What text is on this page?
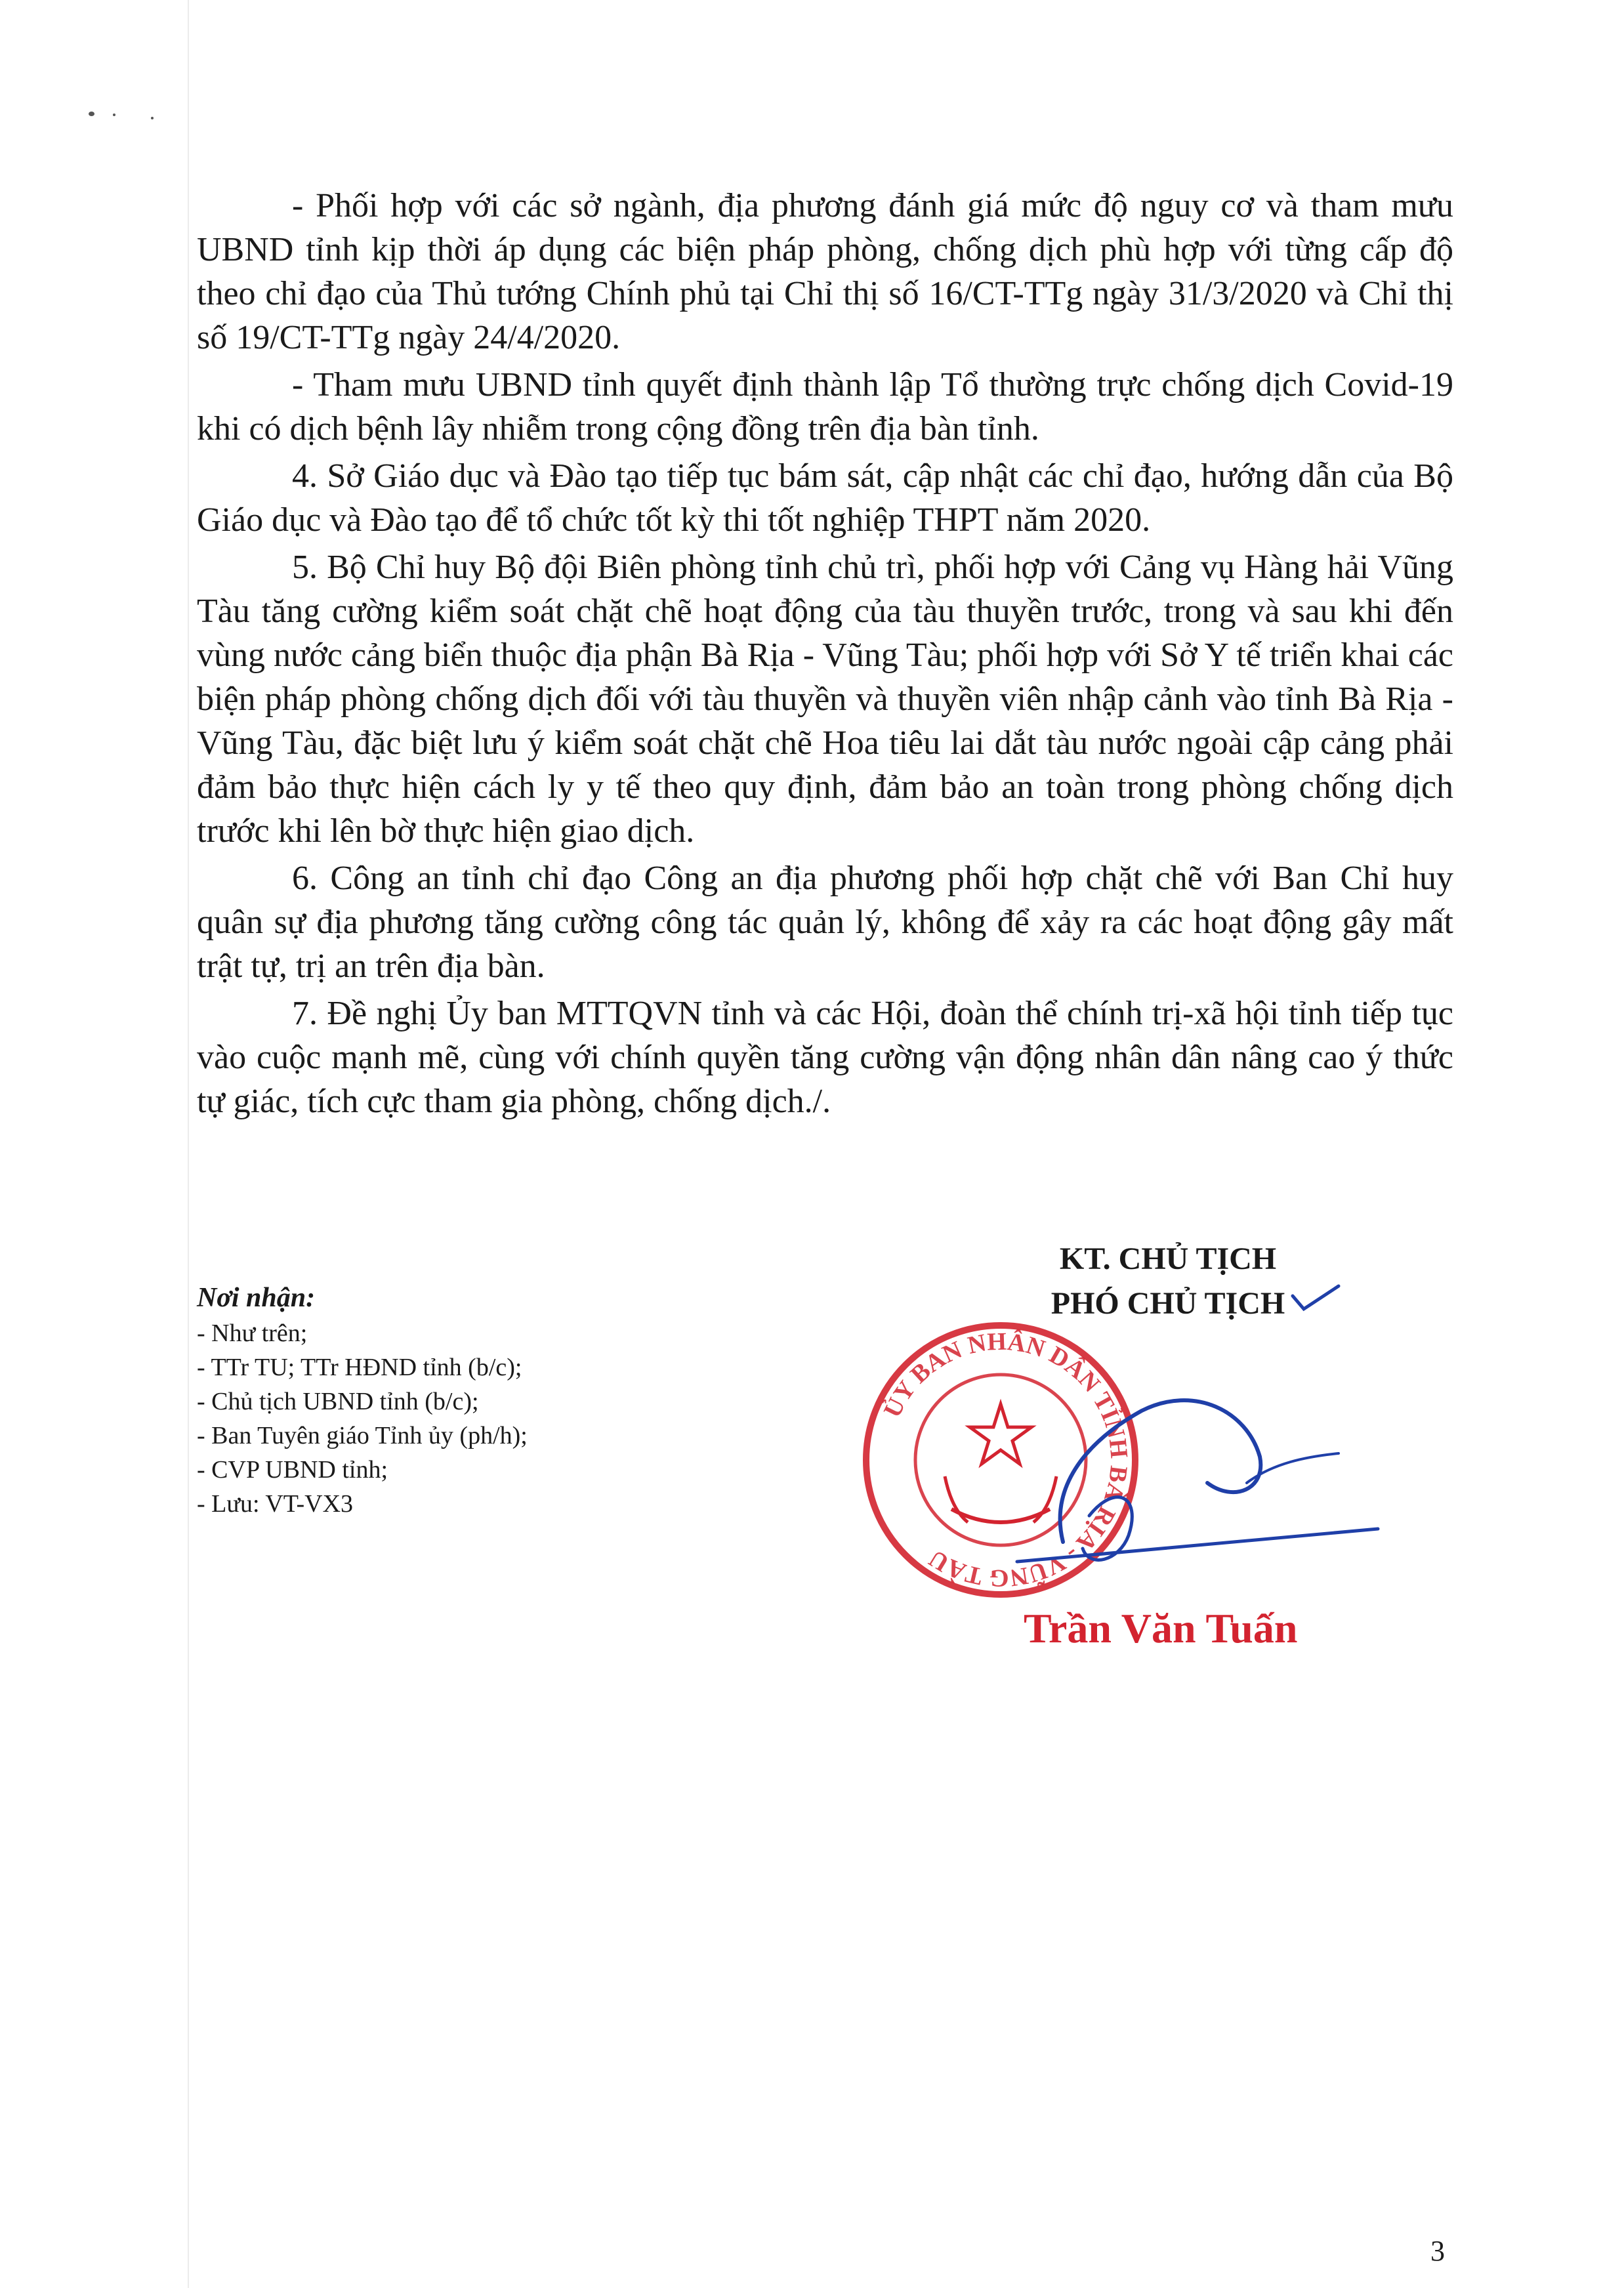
- Phối hợp với các sở ngành, địa phương đánh giá mức độ nguy cơ và tham mưu UBND tỉnh kịp thời áp dụng các biện pháp phòng, chống dịch phù hợp với từng cấp độ theo chỉ đạo của Thủ tướng Chính phủ tại Chỉ thị số 16/CT-TTg ngày 31/3/2020 và Chỉ thị số 19/CT-TTg ngày 24/4/2020.

- Tham mưu UBND tỉnh quyết định thành lập Tổ thường trực chống dịch Covid-19 khi có dịch bệnh lây nhiễm trong cộng đồng trên địa bàn tỉnh.

4. Sở Giáo dục và Đào tạo tiếp tục bám sát, cập nhật các chỉ đạo, hướng dẫn của Bộ Giáo dục và Đào tạo để tổ chức tốt kỳ thi tốt nghiệp THPT năm 2020.

5. Bộ Chỉ huy Bộ đội Biên phòng tỉnh chủ trì, phối hợp với Cảng vụ Hàng hải Vũng Tàu tăng cường kiểm soát chặt chẽ hoạt động của tàu thuyền trước, trong và sau khi đến vùng nước cảng biển thuộc địa phận Bà Rịa - Vũng Tàu; phối hợp với Sở Y tế triển khai các biện pháp phòng chống dịch đối với tàu thuyền và thuyền viên nhập cảnh vào tỉnh Bà Rịa - Vũng Tàu, đặc biệt lưu ý kiểm soát chặt chẽ Hoa tiêu lai dắt tàu nước ngoài cập cảng phải đảm bảo thực hiện cách ly y tế theo quy định, đảm bảo an toàn trong phòng chống dịch trước khi lên bờ thực hiện giao dịch.

6. Công an tỉnh chỉ đạo Công an địa phương phối hợp chặt chẽ với Ban Chỉ huy quân sự địa phương tăng cường công tác quản lý, không để xảy ra các hoạt động gây mất trật tự, trị an trên địa bàn.

7. Đề nghị Ủy ban MTTQVN tỉnh và các Hội, đoàn thể chính trị-xã hội tỉnh tiếp tục vào cuộc mạnh mẽ, cùng với chính quyền tăng cường vận động nhân dân nâng cao ý thức tự giác, tích cực tham gia phòng, chống dịch./.

Nơi nhận:
- Như trên;
- TTr TU; TTr HĐND tỉnh (b/c);
- Chủ tịch UBND tỉnh (b/c);
- Ban Tuyên giáo Tỉnh ủy (ph/h);
- CVP UBND tỉnh;
- Lưu: VT-VX3
KT. CHỦ TỊCH
PHÓ CHỦ TỊCH
ỦY BAN NHÂN DÂN TỈNH BÀ RỊA - VŨNG TÀU
Trần Văn Tuấn
3
